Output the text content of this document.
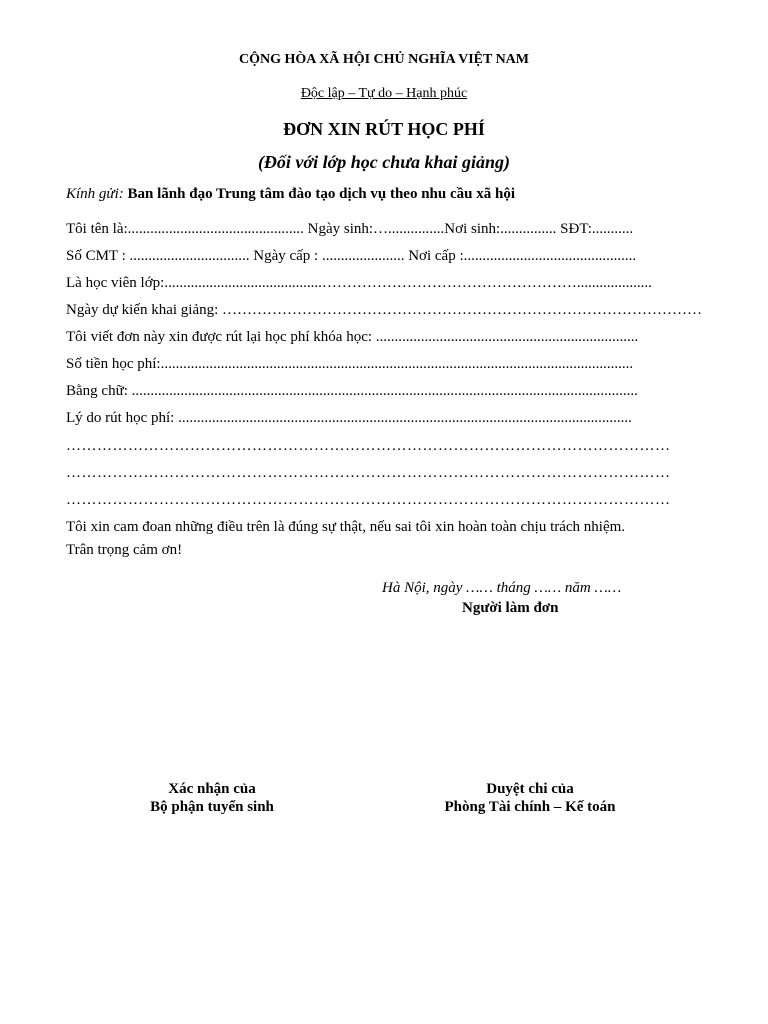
CỘNG HÒA XÃ HỘI CHỦ NGHĨA VIỆT NAM
Độc lập – Tự do – Hạnh phúc
ĐƠN XIN RÚT HỌC PHÍ
(Đối với lớp học chưa khai giảng)
Kính gửi: Ban lãnh đạo Trung tâm đào tạo dịch vụ theo nhu cầu xã hội
Tôi tên là:............................................... Ngày sinh:…...............Nơi sinh:............... SĐT:...........
Số CMT : ................................ Ngày cấp : ...................... Nơi cấp :..............................................
Là học viên lớp:..........................................……………………………………………....................
Ngày dự kiến khai giảng: ……………………………………………………………………………………
Tôi viết đơn này xin được rút lại học phí khóa học: ......................................................................
Số tiền học phí:..............................................................................................................................
Bằng chữ: .......................................................................................................................................
Lý do rút học phí: .........................................................................................................................
………………………………………………………………………………………………………
………………………………………………………………………………………………………
………………………………………………………………………………………………………
Tôi xin cam đoan những điều trên là đúng sự thật, nếu sai tôi xin hoàn toàn chịu trách nhiệm.
Trân trọng cảm ơn!
Hà Nội, ngày …… tháng …… năm ……
Người làm đơn
Xác nhận của
Bộ phận tuyển sinh
Duyệt chi của
Phòng Tài chính – Kế toán
